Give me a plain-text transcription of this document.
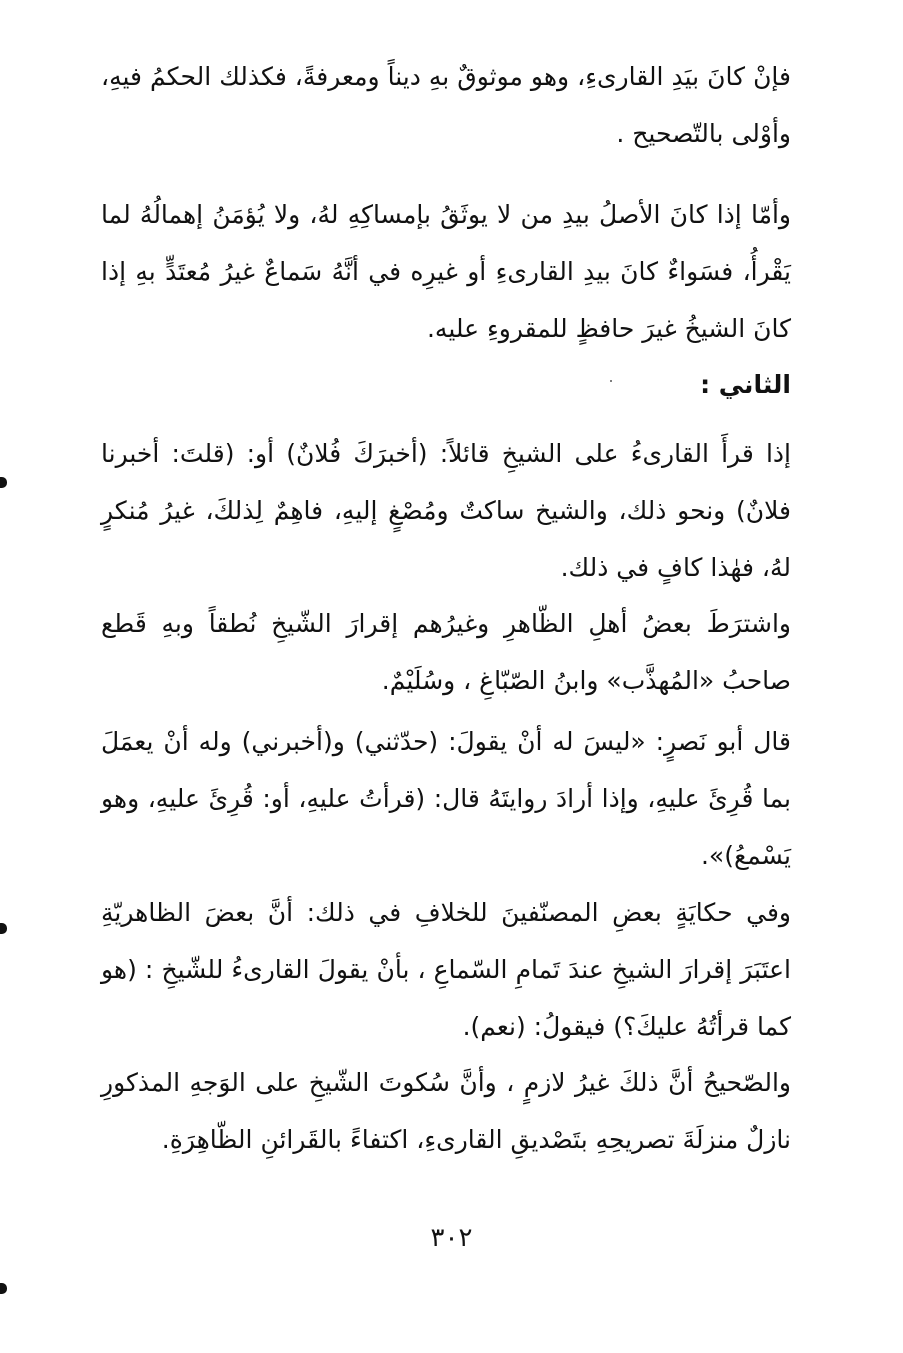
فإنْ كانَ بيَدِ القارىءِ، وهو موثوقٌ بهِ ديناً ومعرفةً، فكذلك الحكمُ فيهِ، وأوْلى بالتّصحيح .

وأمّا إذا كانَ الأصلُ بيدِ من لا يوثَقُ بإمساكِهِ لهُ، ولا يُؤمَنُ إهمالُهُ لما يَقْرأُ، فسَواءٌ كانَ بيدِ القارىءِ أو غيرِه في أنَّهُ سَماعٌ غيرُ مُعتَدٍّ بهِ إذا كانَ الشيخُ غيرَ حافظٍ للمقروءِ عليه.

الثاني :

إذا قرأَ القارىءُ على الشيخِ قائلاً: (أخبرَكَ فُلانٌ) أو: (قلتَ: أخبرنا فلانٌ) ونحو ذلك، والشيخ ساكتٌ ومُصْغٍ إليهِ، فاهِمٌ لِذلكَ، غيرُ مُنكرٍ لهُ، فهٰذا كافٍ في ذلك.

واشترَطَ بعضُ أهلِ الظّاهرِ وغيرُهم إقرارَ الشّيخِ نُطقاً وبهِ قَطع صاحبُ «المُهذَّب» وابنُ الصّبّاغِ ، وسُلَيْمٌ.

قال أبو نَصرٍ: «ليسَ له أنْ يقولَ: (حدّثني) و(أخبرني) وله أنْ يعمَلَ بما قُرِئَ عليهِ، وإذا أرادَ روايتَهُ قال: (قرأتُ عليهِ، أو: قُرِئَ عليهِ، وهو يَسْمعُ)».

وفي حكايَةٍ بعضِ المصنّفينَ للخلافِ في ذلك: أنَّ بعضَ الظاهريّةِ اعتَبَرَ إقرارَ الشيخِ عندَ تَمامِ السّماعِ ، بأنْ يقولَ القارىءُ للشّيخِ : (هو كما قرأتُهُ عليكَ؟) فيقولُ: (نعم).

والصّحيحُ أنَّ ذلكَ غيرُ لازمٍ ، وأنَّ سُكوتَ الشّيخِ على الوَجهِ المذكورِ نازلٌ منزلَةَ تصريحِهِ بتَصْديقِ القارىءِ، اكتفاءً بالقَرائنِ الظّاهِرَةِ.

٣٠٢
